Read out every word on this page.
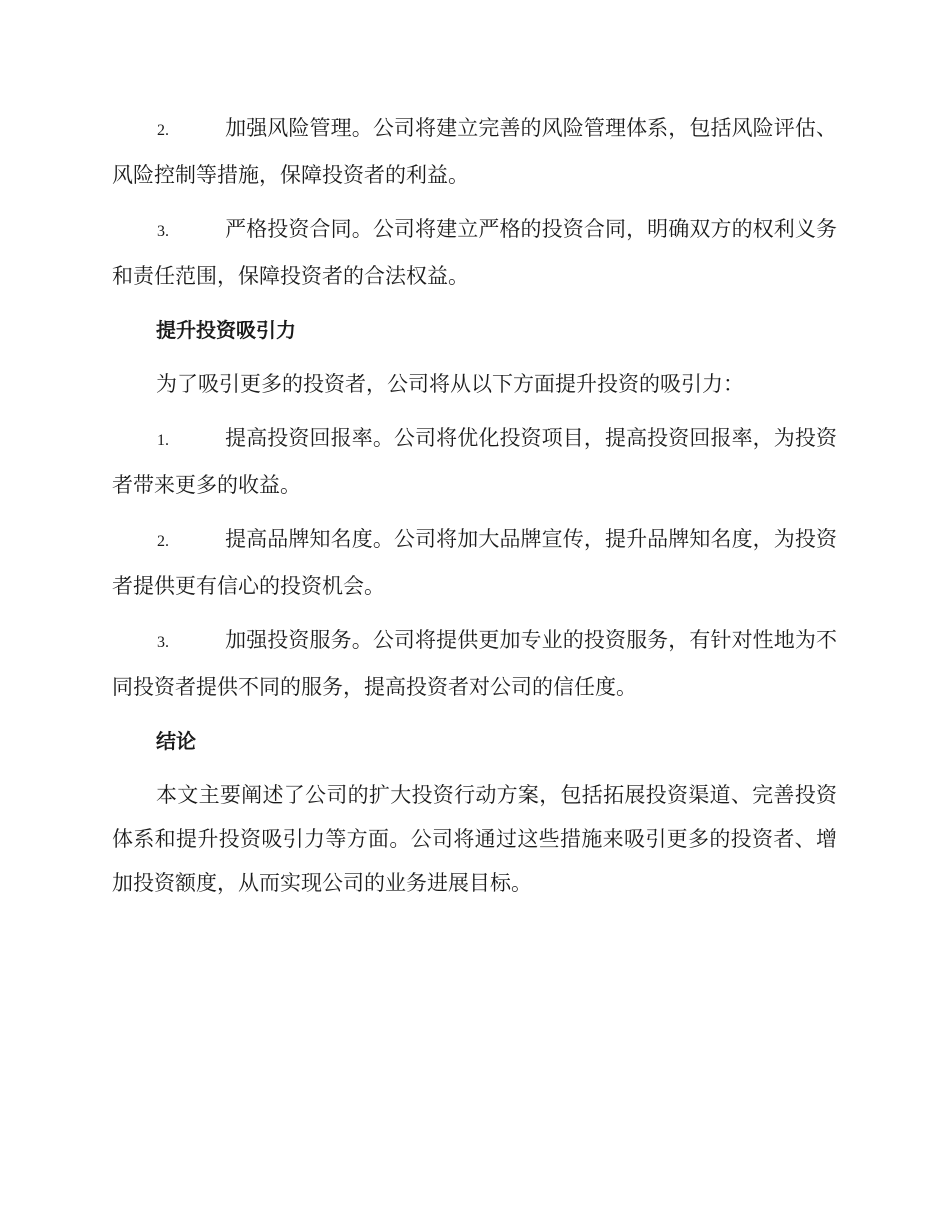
2.	加强风险管理。公司将建立完善的风险管理体系，包括风险评估、风险控制等措施，保障投资者的利益。

3.	严格投资合同。公司将建立严格的投资合同，明确双方的权利义务和责任范围，保障投资者的合法权益。

提升投资吸引力

为了吸引更多的投资者，公司将从以下方面提升投资的吸引力：

1.	提高投资回报率。公司将优化投资项目，提高投资回报率，为投资者带来更多的收益。

2.	提高品牌知名度。公司将加大品牌宣传，提升品牌知名度，为投资者提供更有信心的投资机会。

3.	加强投资服务。公司将提供更加专业的投资服务，有针对性地为不同投资者提供不同的服务，提高投资者对公司的信任度。

结论

本文主要阐述了公司的扩大投资行动方案，包括拓展投资渠道、完善投资体系和提升投资吸引力等方面。公司将通过这些措施来吸引更多的投资者、增加投资额度，从而实现公司的业务进展目标。
